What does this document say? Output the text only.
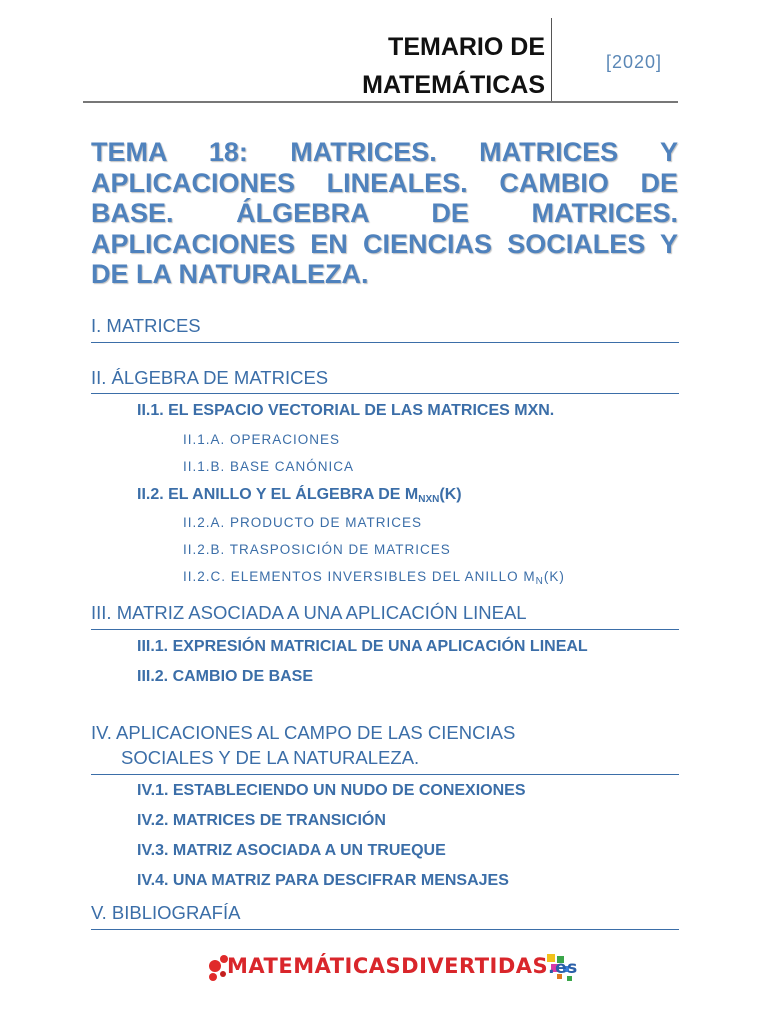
TEMARIO DE
MATEMÁTICAS
[2020]
TEMA 18: MATRICES. MATRICES Y APLICACIONES LINEALES. CAMBIO DE BASE. ÁLGEBRA DE MATRICES. APLICACIONES EN CIENCIAS SOCIALES Y DE LA NATURALEZA.
I. MATRICES
II. ÁLGEBRA DE MATRICES
II.1. EL ESPACIO VECTORIAL DE LAS MATRICES MXN.
II.1.A. OPERACIONES
II.1.B. BASE CANÓNICA
II.2. EL ANILLO Y EL ÁLGEBRA DE $M_{NXN}(K)$
II.2.A. PRODUCTO DE MATRICES
II.2.B. TRASPOSICIÓN DE MATRICES
II.2.C. ELEMENTOS INVERSIBLES DEL ANILLO $M_N(K)$
III. MATRIZ ASOCIADA A UNA APLICACIÓN LINEAL
III.1. EXPRESIÓN MATRICIAL DE UNA APLICACIÓN LINEAL
III.2. CAMBIO DE BASE
IV. APLICACIONES AL CAMPO DE LAS CIENCIAS
SOCIALES Y DE LA NATURALEZA.
IV.1. ESTABLECIENDO UN NUDO DE CONEXIONES
IV.2. MATRICES DE TRANSICIÓN
IV.3. MATRIZ ASOCIADA A UN TRUEQUE
IV.4. UNA MATRIZ PARA DESCIFRAR MENSAJES
V. BIBLIOGRAFÍA
MATEMÁTICASDIVERTIDAS.es
